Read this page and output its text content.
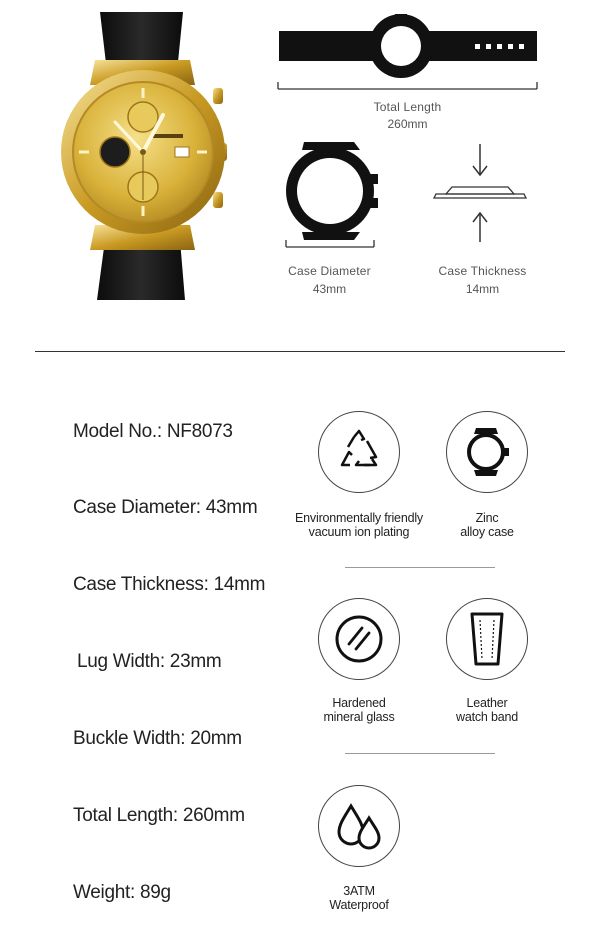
Total Length
260mm
Case Diameter
43mm
Case Thickness
14mm
Model No.: NF8073
Case Diameter: 43mm
Case Thickness: 14mm
Lug Width: 23mm
Buckle Width: 20mm
Total Length: 260mm
Weight: 89g
Environmentally friendly
vacuum ion plating
Zinc
alloy case
Hardened
mineral glass
Leather
watch band
3ATM
Waterproof
